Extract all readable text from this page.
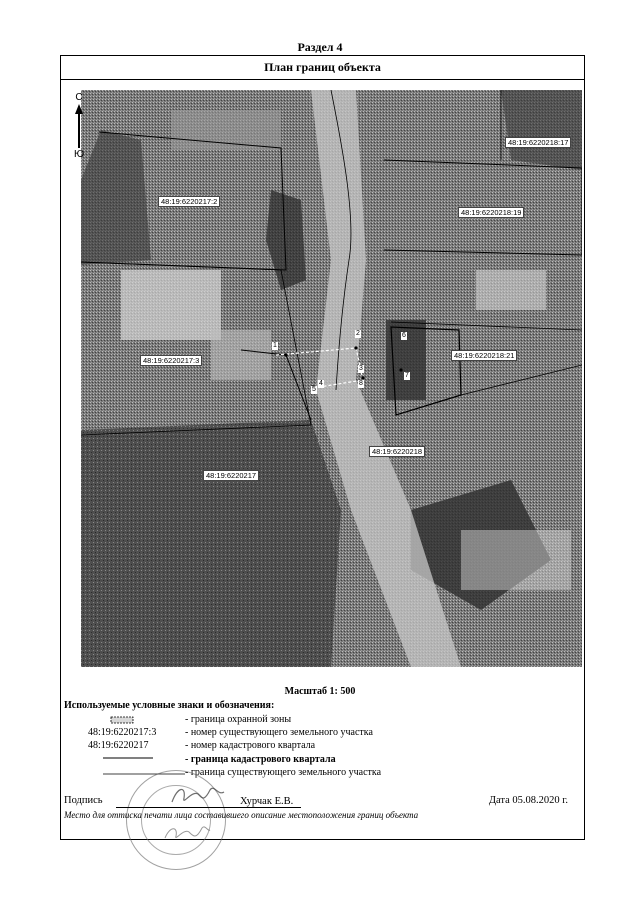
Раздел 4
План границ объекта
С
Ю
48:19:6220217:2
48:19:6220217:3
48:19:6220217
48:19:6220218:17
48:19:6220218:19
48:19:6220218:21
48:19:6220218
1
2
3
4
5
6
7
8
Масштаб 1: 500
Используемые условные знаки и обозначения:
- граница охранной зоны
48:19:6220217:3	- номер существующего земельного участка
48:19:6220217	- номер кадастрового квартала
- граница кадастрового квартала
- граница существующего земельного участка
Подпись	Хурчак Е.В.	Дата 05.08.2020 г.
Место для оттиска печати лица составившего описание местоположения границ объекта
